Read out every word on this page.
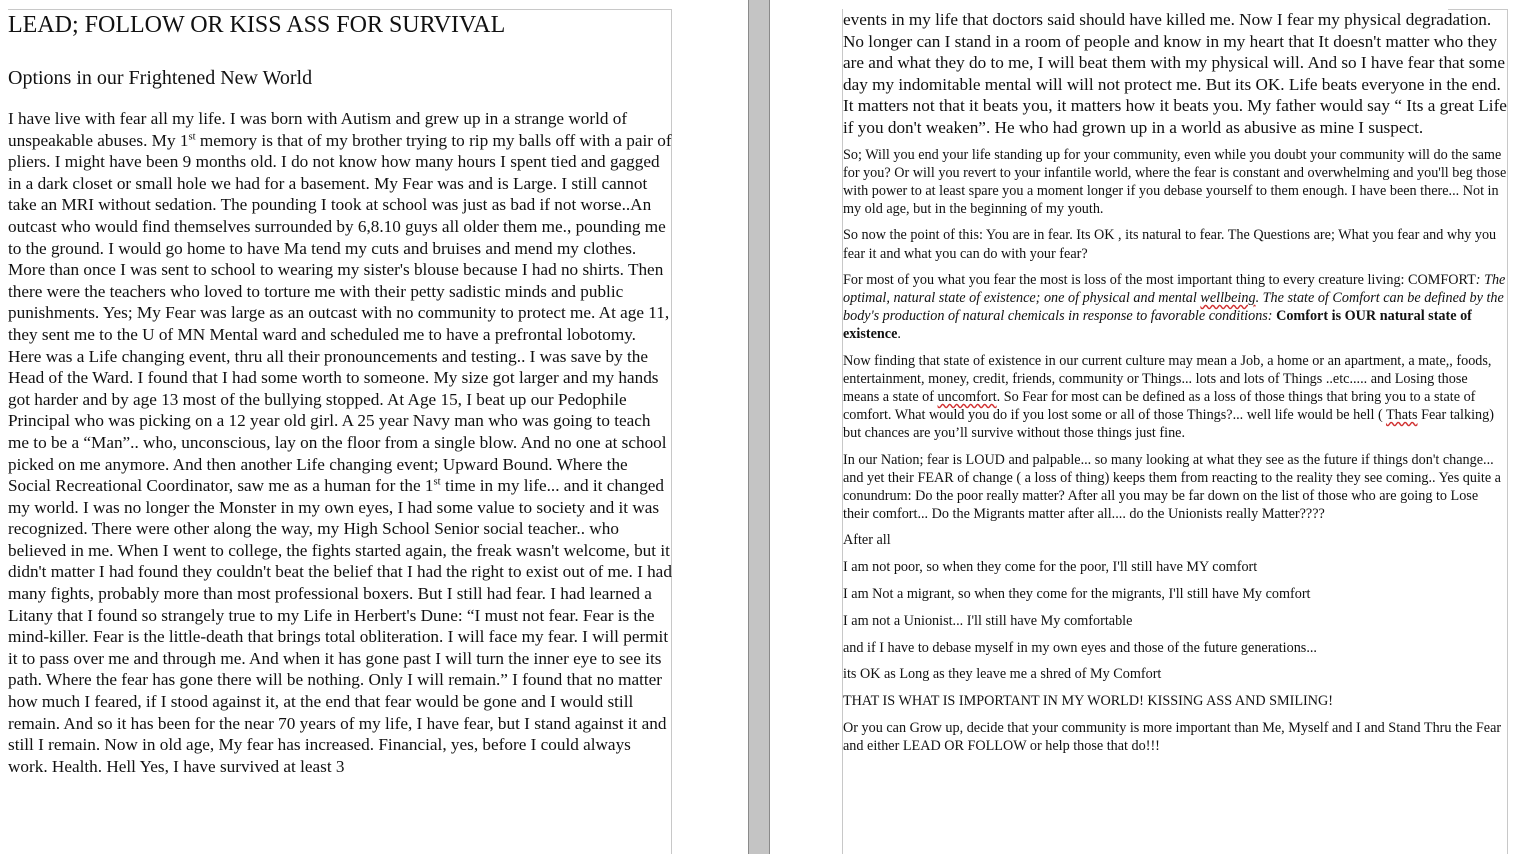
LEAD; FOLLOW OR KISS ASS FOR SURVIVAL
Options in our Frightened New World

I have live with fear all my life. I was born with Autism and grew up in a strange world of unspeakable abuses. My 1st memory is that of my brother trying to rip my balls off with a pair of pliers. I might have been 9 months old. I do not know how many hours I spent tied and gagged in a dark closet or small hole we had for a basement. My Fear was and is Large. I still cannot take an MRI without sedation. The pounding I took at school was just as bad if not worse..An outcast who would find themselves surrounded by 6,8.10 guys all older them me., pounding me to the ground. I would go home to have Ma tend my cuts and bruises and mend my clothes. More than once I was sent to school to wearing my sister's blouse because I had no shirts. Then there were the teachers who loved to torture me with their petty sadistic minds and public punishments. Yes; My Fear was large as an outcast with no community to protect me. At age 11, they sent me to the U of MN Mental ward and scheduled me to have a prefrontal lobotomy. Here was a Life changing event, thru all their pronouncements and testing.. I was save by the Head of the Ward. I found that I had some worth to someone. My size got larger and my hands got harder and by age 13 most of the bullying stopped. At Age 15, I beat up our Pedophile Principal who was picking on a 12 year old girl. A 25 year Navy man who was going to teach me to be a “Man”.. who, unconscious, lay on the floor from a single blow. And no one at school picked on me anymore. And then another Life changing event; Upward Bound. Where the Social Recreational Coordinator, saw me as a human for the 1st time in my life... and it changed my world. I was no longer the Monster in my own eyes, I had some value to society and it was recognized. There were other along the way, my High School Senior social teacher.. who believed in me. When I went to college, the fights started again, the freak wasn't welcome, but it didn't matter I had found they couldn't beat the belief that I had the right to exist out of me. I had many fights, probably more than most professional boxers. But I still had fear. I had learned a Litany that I found so strangely true to my Life in Herbert's Dune: “I must not fear. Fear is the mind-killer. Fear is the little-death that brings total obliteration. I will face my fear. I will permit it to pass over me and through me. And when it has gone past I will turn the inner eye to see its path. Where the fear has gone there will be nothing. Only I will remain.” I found that no matter how much I feared, if I stood against it, at the end that fear would be gone and I would still remain. And so it has been for the near 70 years of my life, I have fear, but I stand against it and still I remain. Now in old age, My fear has increased. Financial, yes, before I could always work. Health. Hell Yes, I have survived at least 3

events in my life that doctors said should have killed me. Now I fear my physical degradation. No longer can I stand in a room of people and know in my heart that It doesn't matter who they are and what they do to me, I will beat them with my physical will. And so I have fear that some day my indomitable mental will will not protect me. But its OK. Life beats everyone in the end. It matters not that it beats you, it matters how it beats you. My father would say “ Its a great Life if you don't weaken”. He who had grown up in a world as abusive as mine I suspect.

So; Will you end your life standing up for your community, even while you doubt your community will do the same for you? Or will you revert to your infantile world, where the fear is constant and overwhelming and you'll beg those with power to at least spare you a moment longer if you debase yourself to them enough. I have been there... Not in my old age, but in the beginning of my youth.

So now the point of this: You are in fear. Its OK , its natural to fear. The Questions are; What you fear and why you fear it and what you can do with your fear?

For most of you what you fear the most is loss of the most important thing to every creature living: COMFORT: The optimal, natural state of existence; one of physical and mental wellbeing. The state of Comfort can be defined by the body's production of natural chemicals in response to favorable conditions: Comfort is OUR natural state of existence.

Now finding that state of existence in our current culture may mean a Job, a home or an apartment, a mate,, foods, entertainment, money, credit, friends, community or Things... lots and lots of Things ..etc..... and Losing those means a state of uncomfort. So Fear for most can be defined as a loss of those things that bring you to a state of comfort. What would you do if you lost some or all of those Things?... well life would be hell ( Thats Fear talking) but chances are you’ll survive without those things just fine.

In our Nation; fear is LOUD and palpable... so many looking at what they see as the future if things don't change... and yet their FEAR of change ( a loss of thing) keeps them from reacting to the reality they see coming.. Yes quite a conundrum: Do the poor really matter? After all you may be far down on the list of those who are going to Lose their comfort... Do the Migrants matter after all.... do the Unionists really Matter????

After all

I am not poor, so when they come for the poor, I'll still have MY comfort

I am Not a migrant, so when they come for the migrants, I'll still have My comfort

I am not a Unionist... I'll still have My comfortable

and if I have to debase myself in my own eyes and those of the future generations...

its OK as Long as they leave me a shred of My Comfort

THAT IS WHAT IS IMPORTANT IN MY WORLD! KISSING ASS AND SMILING!

Or you can Grow up, decide that your community is more important than Me, Myself and I and Stand Thru the Fear and either LEAD OR FOLLOW or help those that do!!!
